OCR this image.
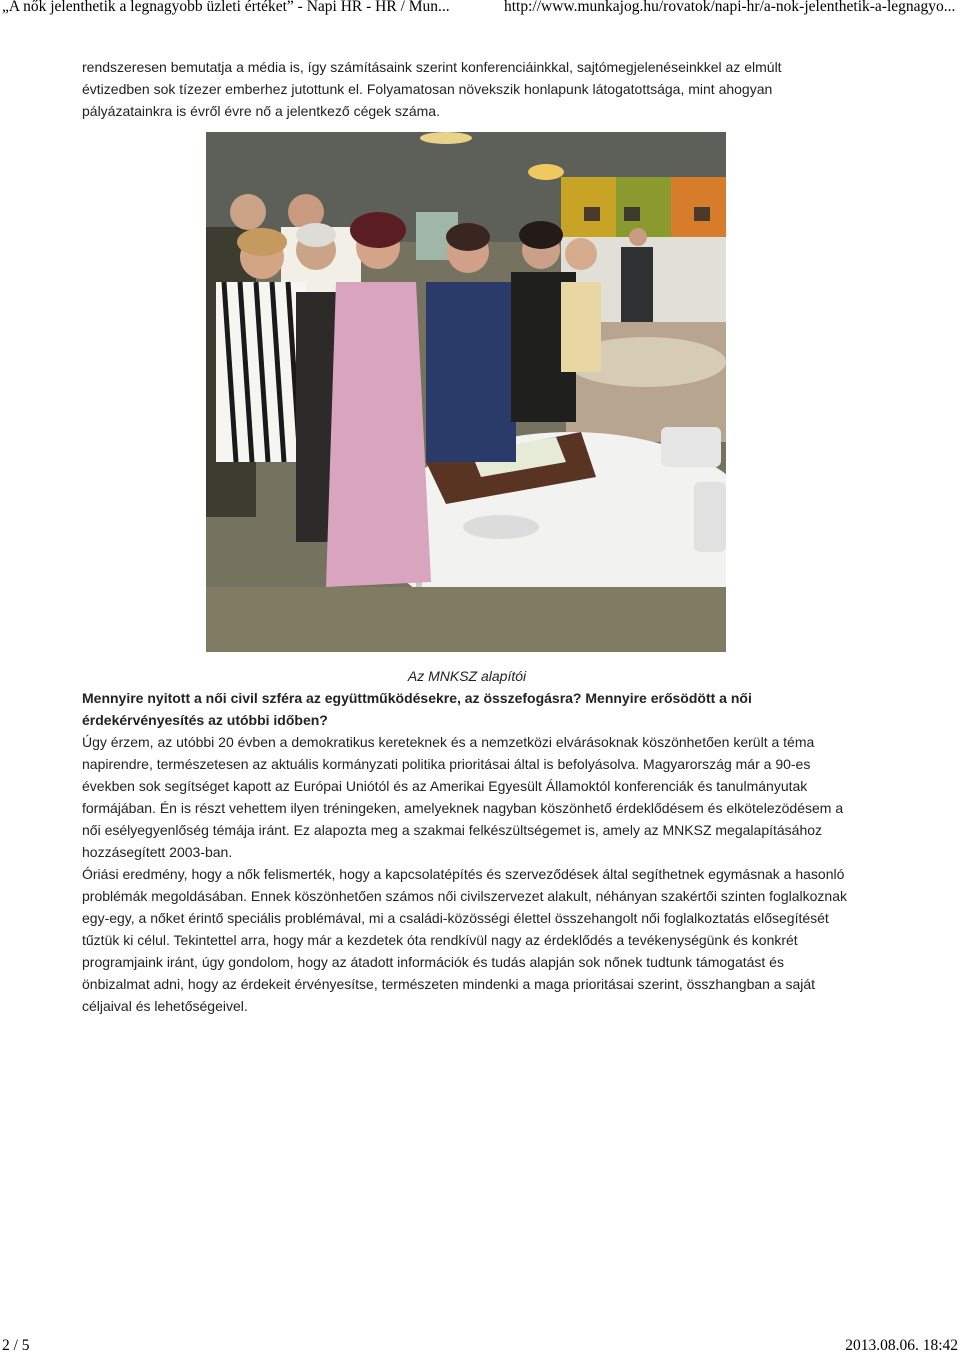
„A nők jelenthetik a legnagyobb üzleti értéket” - Napi HR - HR / Mun...	http://www.munkajog.hu/rovatok/napi-hr/a-nok-jelenthetik-a-legnagyo...

rendszeresen bemutatja a média is, így számításaink szerint konferenciáinkkal, sajtómegjelenéseinkkel az elmúlt évtizedben sok tízezer emberhez jutottunk el. Folyamatosan növekszik honlapunk látogatottsága, mint ahogyan pályázatainkra is évről évre nő a jelentkező cégek száma.

Az MNKSZ alapítói

Mennyire nyitott a női civil szféra az együttműködésekre, az összefogásra? Mennyire erősödött a női érdekérvényesítés az utóbbi időben?

Úgy érzem, az utóbbi 20 évben a demokratikus kereteknek és a nemzetközi elvárásoknak köszönhetően került a téma napirendre, természetesen az aktuális kormányzati politika prioritásai által is befolyásolva. Magyarország már a 90-es években sok segítséget kapott az Európai Uniótól és az Amerikai Egyesült Államoktól konferenciák és tanulmányutak formájában. Én is részt vehettem ilyen tréningeken, amelyeknek nagyban köszönhető érdeklődésem és elkötelezödésem a női esélyegyenlőség témája iránt. Ez alapozta meg a szakmai felkészültségemet is, amely az MNKSZ megalapításához hozzásegített 2003-ban.

Óriási eredmény, hogy a nők felismerték, hogy a kapcsolatépítés és szerveződések által segíthetnek egymásnak a hasonló problémák megoldásában. Ennek köszönhetően számos női civilszervezet alakult, néhányan szakértői szinten foglalkoznak egy-egy, a nőket érintő speciális problémával, mi a családi-közösségi élettel összehangolt női foglalkoztatás elősegítését tűztük ki célul. Tekintettel arra, hogy már a kezdetek óta rendkívül nagy az érdeklődés a tevékenységünk és konkrét programjaink iránt, úgy gondolom, hogy az átadott információk és tudás alapján sok nőnek tudtunk támogatást és önbizalmat adni, hogy az érdekeit érvényesítse, természeten mindenki a maga prioritásai szerint, összhangban a saját céljaival és lehetőségeivel.

2 / 5	2013.08.06. 18:42
